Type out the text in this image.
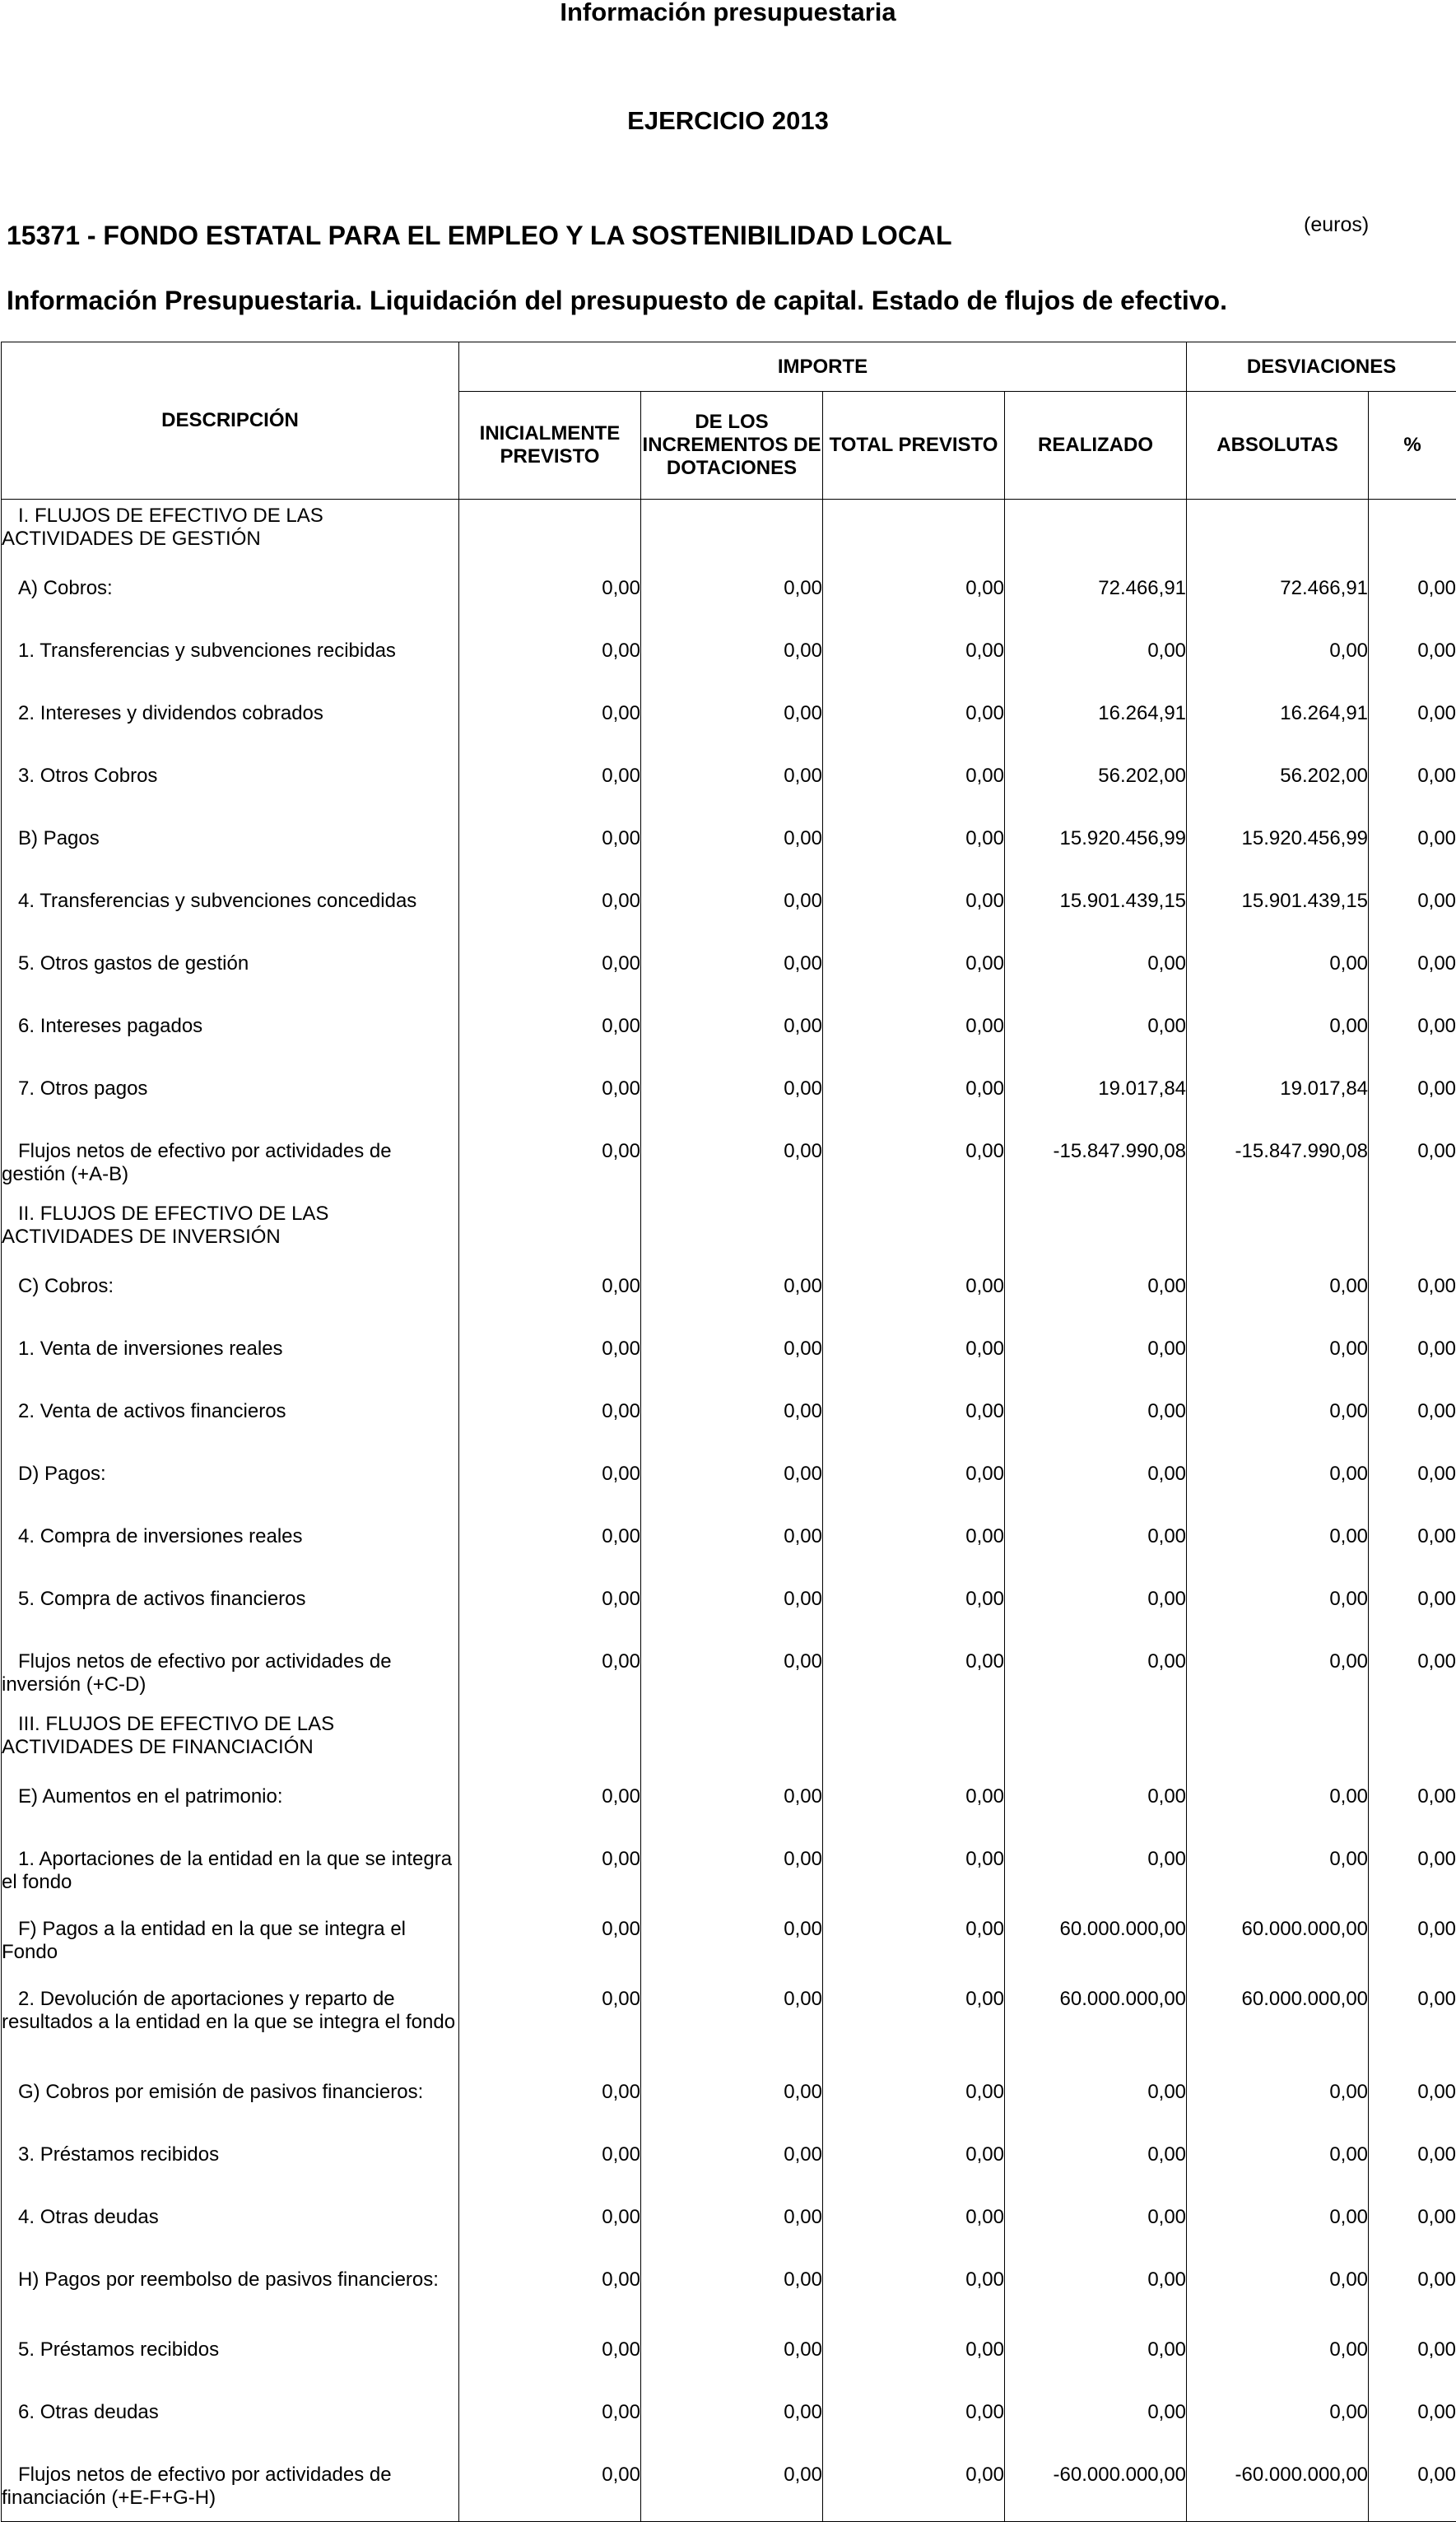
Información presupuestaria
EJERCICIO 2013
15371 - FONDO ESTATAL PARA EL EMPLEO Y LA SOSTENIBILIDAD LOCAL	(euros)
Información Presupuestaria. Liquidación del presupuesto de capital. Estado de flujos de efectivo.
DESCRIPCIÓN	IMPORTE				DESVIACIONES	
	INICIALMENTE PREVISTO	DE LOS INCREMENTOS DE DOTACIONES	TOTAL PREVISTO	REALIZADO	ABSOLUTAS	%
I. FLUJOS DE EFECTIVO DE LAS ACTIVIDADES DE GESTIÓN						
A) Cobros:	0,00	0,00	0,00	72.466,91	72.466,91	0,00
1. Transferencias y subvenciones recibidas	0,00	0,00	0,00	0,00	0,00	0,00
2. Intereses y dividendos cobrados	0,00	0,00	0,00	16.264,91	16.264,91	0,00
3. Otros Cobros	0,00	0,00	0,00	56.202,00	56.202,00	0,00
B) Pagos	0,00	0,00	0,00	15.920.456,99	15.920.456,99	0,00
4. Transferencias y subvenciones concedidas	0,00	0,00	0,00	15.901.439,15	15.901.439,15	0,00
5. Otros gastos de gestión	0,00	0,00	0,00	0,00	0,00	0,00
6. Intereses pagados	0,00	0,00	0,00	0,00	0,00	0,00
7. Otros pagos	0,00	0,00	0,00	19.017,84	19.017,84	0,00
Flujos netos de efectivo por actividades de gestión (+A-B)	0,00	0,00	0,00	-15.847.990,08	-15.847.990,08	0,00
II. FLUJOS DE EFECTIVO DE LAS ACTIVIDADES DE INVERSIÓN						
C) Cobros:	0,00	0,00	0,00	0,00	0,00	0,00
1. Venta de inversiones reales	0,00	0,00	0,00	0,00	0,00	0,00
2. Venta de activos financieros	0,00	0,00	0,00	0,00	0,00	0,00
D) Pagos:	0,00	0,00	0,00	0,00	0,00	0,00
4. Compra de inversiones reales	0,00	0,00	0,00	0,00	0,00	0,00
5. Compra de activos financieros	0,00	0,00	0,00	0,00	0,00	0,00
Flujos netos de efectivo por actividades de inversión (+C-D)	0,00	0,00	0,00	0,00	0,00	0,00
III. FLUJOS DE EFECTIVO DE LAS ACTIVIDADES DE FINANCIACIÓN						
E) Aumentos en el patrimonio:	0,00	0,00	0,00	0,00	0,00	0,00
1. Aportaciones de la entidad en la que se integra el fondo	0,00	0,00	0,00	0,00	0,00	0,00
F) Pagos a la entidad en la que se integra el Fondo	0,00	0,00	0,00	60.000.000,00	60.000.000,00	0,00
2. Devolución de aportaciones y reparto de resultados a la entidad en la que se integra el fondo	0,00	0,00	0,00	60.000.000,00	60.000.000,00	0,00
G) Cobros por emisión de pasivos financieros:	0,00	0,00	0,00	0,00	0,00	0,00
3. Préstamos recibidos	0,00	0,00	0,00	0,00	0,00	0,00
4. Otras deudas	0,00	0,00	0,00	0,00	0,00	0,00
H) Pagos por reembolso de pasivos financieros:	0,00	0,00	0,00	0,00	0,00	0,00
5. Préstamos recibidos	0,00	0,00	0,00	0,00	0,00	0,00
6. Otras deudas	0,00	0,00	0,00	0,00	0,00	0,00
Flujos netos de efectivo por actividades de financiación (+E-F+G-H)	0,00	0,00	0,00	-60.000.000,00	-60.000.000,00	0,00
